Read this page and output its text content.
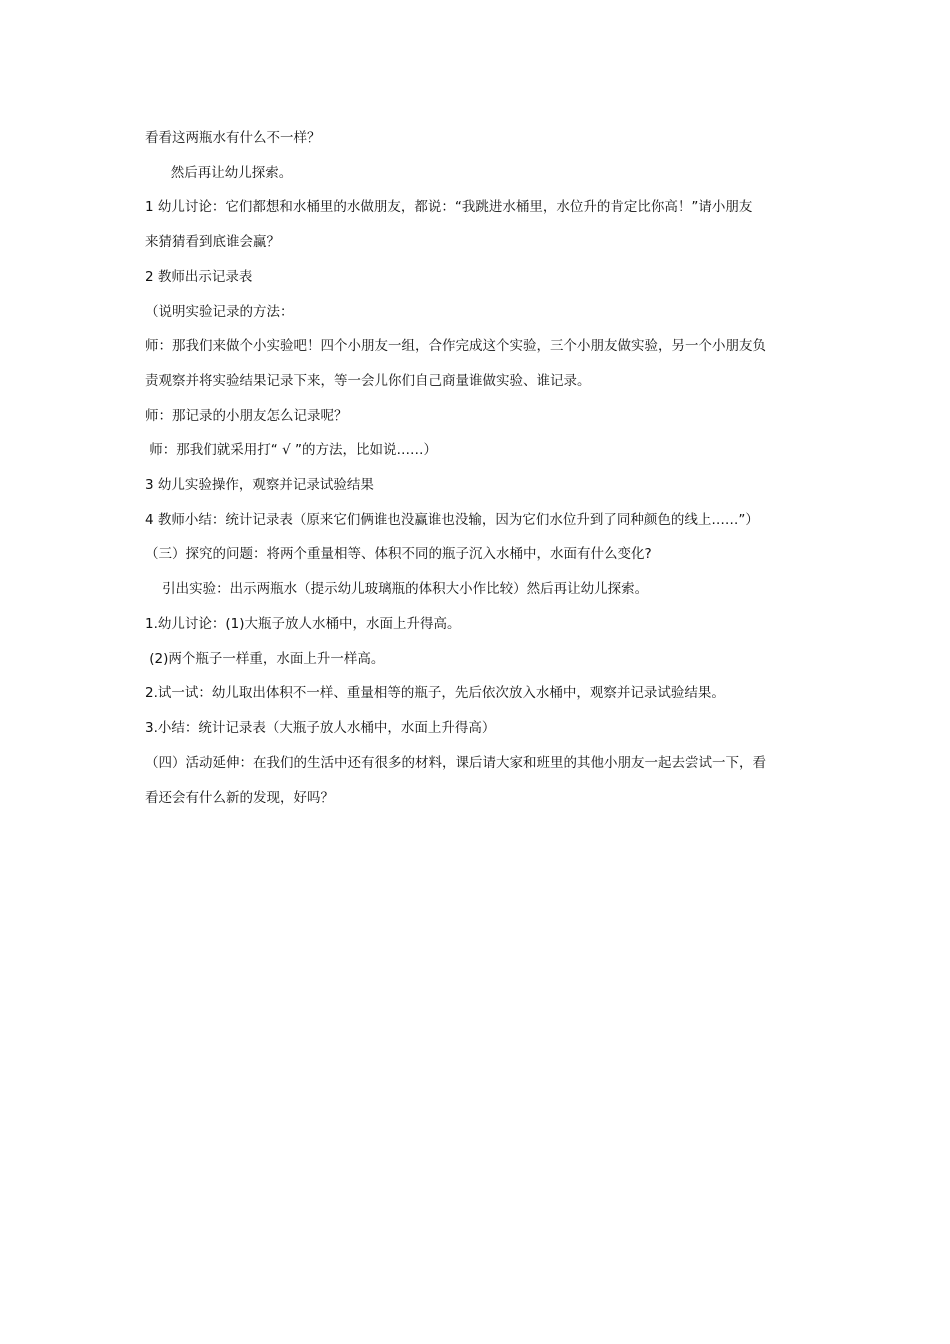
看看这两瓶水有什么不一样？
然后再让幼儿探索。
1 幼儿讨论：它们都想和水桶里的水做朋友，都说：“我跳进水桶里，水位升的肯定比你高！”请小朋友
来猜猜看到底谁会赢？
2 教师出示记录表
（说明实验记录的方法：
师：那我们来做个小实验吧！四个小朋友一组，合作完成这个实验，三个小朋友做实验，另一个小朋友负
责观察并将实验结果记录下来，等一会儿你们自己商量谁做实验、谁记录。
师：那记录的小朋友怎么记录呢？
师：那我们就采用打“ √ ”的方法，比如说……）
3 幼儿实验操作，观察并记录试验结果
4 教师小结：统计记录表（原来它们俩谁也没赢谁也没输，因为它们水位升到了同种颜色的线上……”）
（三）探究的问题：将两个重量相等、体积不同的瓶子沉入水桶中，水面有什么变化?
引出实验：出示两瓶水（提示幼儿玻璃瓶的体积大小作比较）然后再让幼儿探索。
1.幼儿讨论：(1)大瓶子放人水桶中，水面上升得高。
(2)两个瓶子一样重，水面上升一样高。
2.试一试：幼儿取出体积不一样、重量相等的瓶子，先后依次放入水桶中，观察并记录试验结果。
3.小结：统计记录表（大瓶子放人水桶中，水面上升得高）
（四）活动延伸：在我们的生活中还有很多的材料，课后请大家和班里的其他小朋友一起去尝试一下，看
看还会有什么新的发现，好吗？
